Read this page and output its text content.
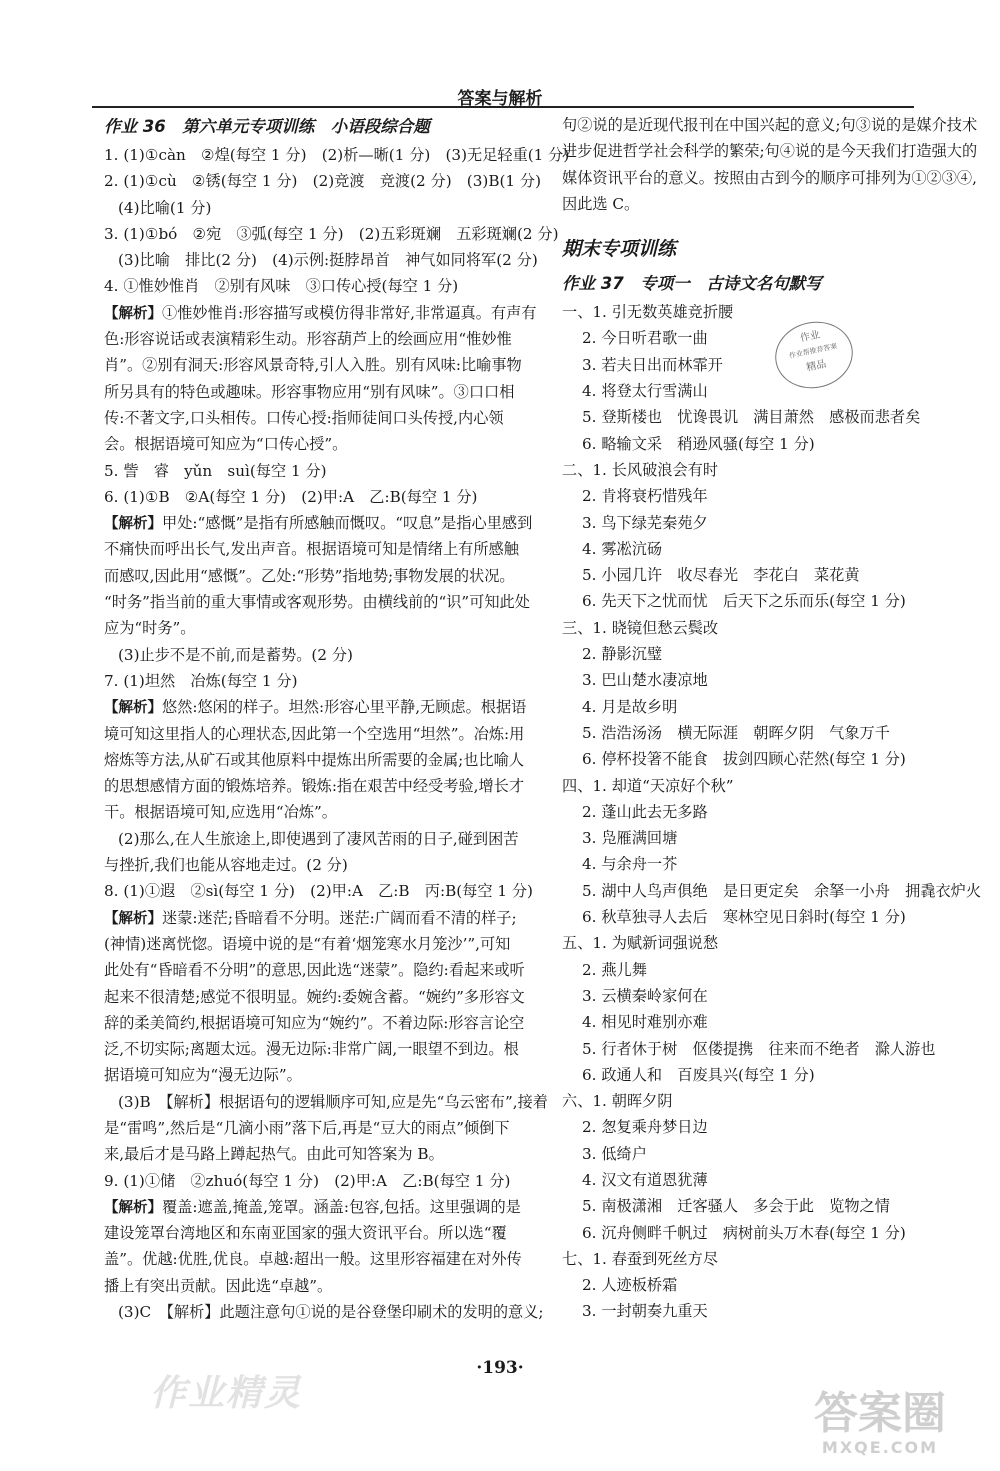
答案与解析
作业 36　第六单元专项训练　小语段综合题
1. (1)①càn　②煌(每空 1 分)　(2)析—晰(1 分)　(3)无足轻重(1 分)
2. (1)①cù　②锈(每空 1 分)　(2)竞渡　竞渡(2 分)　(3)B(1 分)
(4)比喻(1 分)
3. (1)①bó　②宛　③弧(每空 1 分)　(2)五彩斑斓　五彩斑斓(2 分)
(3)比喻　排比(2 分)　(4)示例:挺脖昂首　神气如同将军(2 分)
4. ①惟妙惟肖　②别有风味　③口传心授(每空 1 分)
【解析】①惟妙惟肖:形容描写或模仿得非常好,非常逼真。有声有
色:形容说话或表演精彩生动。形容葫芦上的绘画应用“惟妙惟
肖”。②别有洞天:形容风景奇特,引人入胜。别有风味:比喻事物
所另具有的特色或趣味。形容事物应用“别有风味”。③口口相
传:不著文字,口头相传。口传心授:指师徒间口头传授,内心领
会。根据语境可知应为“口传心授”。
5. 訾　睿　yǔn　suì(每空 1 分)
6. (1)①B　②A(每空 1 分)　(2)甲:A　乙:B(每空 1 分)
【解析】甲处:“感慨”是指有所感触而慨叹。“叹息”是指心里感到
不痛快而呼出长气,发出声音。根据语境可知是情绪上有所感触
而感叹,因此用“感慨”。乙处:“形势”指地势;事物发展的状况。
“时务”指当前的重大事情或客观形势。由横线前的“识”可知此处
应为“时务”。
(3)止步不是不前,而是蓄势。(2 分)
7. (1)坦然　冶炼(每空 1 分)
【解析】悠然:悠闲的样子。坦然:形容心里平静,无顾虑。根据语
境可知这里指人的心理状态,因此第一个空选用“坦然”。冶炼:用
熔炼等方法,从矿石或其他原料中提炼出所需要的金属;也比喻人
的思想感情方面的锻炼培养。锻炼:指在艰苦中经受考验,增长才
干。根据语境可知,应选用“冶炼”。
(2)那么,在人生旅途上,即使遇到了凄风苦雨的日子,碰到困苦
与挫折,我们也能从容地走过。(2 分)
8. (1)①遐　②sì(每空 1 分)　(2)甲:A　乙:B　丙:B(每空 1 分)
【解析】迷蒙:迷茫;昏暗看不分明。迷茫:广阔而看不清的样子;
(神情)迷离恍惚。语境中说的是“有着‘烟笼寒水月笼沙’”,可知
此处有“昏暗看不分明”的意思,因此选“迷蒙”。隐约:看起来或听
起来不很清楚;感觉不很明显。婉约:委婉含蓄。“婉约”多形容文
辞的柔美简约,根据语境可知应为“婉约”。不着边际:形容言论空
泛,不切实际;离题太远。漫无边际:非常广阔,一眼望不到边。根
据语境可知应为“漫无边际”。
(3)B　【解析】根据语句的逻辑顺序可知,应是先“乌云密布”,接着
是“雷鸣”,然后是“几滴小雨”落下后,再是“豆大的雨点”倾倒下
来,最后才是马路上蹲起热气。由此可知答案为 B。
9. (1)①储　②zhuó(每空 1 分)　(2)甲:A　乙:B(每空 1 分)
【解析】覆盖:遮盖,掩盖,笼罩。涵盖:包容,包括。这里强调的是
建设笼罩台湾地区和东南亚国家的强大资讯平台。所以选“覆
盖”。优越:优胜,优良。卓越:超出一般。这里形容福建在对外传
播上有突出贡献。因此选“卓越”。
(3)C　【解析】此题注意句①说的是谷登堡印刷术的发明的意义;
句②说的是近现代报刊在中国兴起的意义;句③说的是媒介技术
进步促进哲学社会科学的繁荣;句④说的是今天我们打造强大的
媒体资讯平台的意义。按照由古到今的顺序可排列为①②③④,
因此选 C。
期末专项训练
作业 37　专项一　古诗文名句默写
一、1. 引无数英雄竞折腰
2. 今日听君歌一曲
3. 若夫日出而林霏开
4. 将登太行雪满山
5. 登斯楼也　忧谗畏讥　满目萧然　感极而悲者矣
6. 略输文采　稍逊风骚(每空 1 分)
二、1. 长风破浪会有时
2. 肯将衰朽惜残年
3. 鸟下绿芜秦苑夕
4. 雾凇沆砀
5. 小园几许　收尽春光　李花白　菜花黄
6. 先天下之忧而忧　后天下之乐而乐(每空 1 分)
三、1. 晓镜但愁云鬓改
2. 静影沉璧
3. 巴山楚水凄凉地
4. 月是故乡明
5. 浩浩汤汤　横无际涯　朝晖夕阴　气象万千
6. 停杯投箸不能食　拔剑四顾心茫然(每空 1 分)
四、1. 却道“天凉好个秋”
2. 蓬山此去无多路
3. 凫雁满回塘
4. 与余舟一芥
5. 湖中人鸟声俱绝　是日更定矣　余拏一小舟　拥毳衣炉火
6. 秋草独寻人去后　寒林空见日斜时(每空 1 分)
五、1. 为赋新词强说愁
2. 燕儿舞
3. 云横秦岭家何在
4. 相见时难别亦难
5. 行者休于树　伛偻提携　往来而不绝者　滁人游也
6. 政通人和　百废具兴(每空 1 分)
六、1. 朝晖夕阴
2. 怱复乘舟梦日边
3. 低绮户
4. 汉文有道恩犹薄
5. 南极潇湘　迁客骚人　多会于此　览物之情
6. 沉舟侧畔千帆过　病树前头万木春(每空 1 分)
七、1. 春蚕到死丝方尽
2. 人迹板桥霜
3. 一封朝奏九重天
作业
作业帮推荐答案
精品
·193·
作业精灵	答案圈
MXQE.COM
